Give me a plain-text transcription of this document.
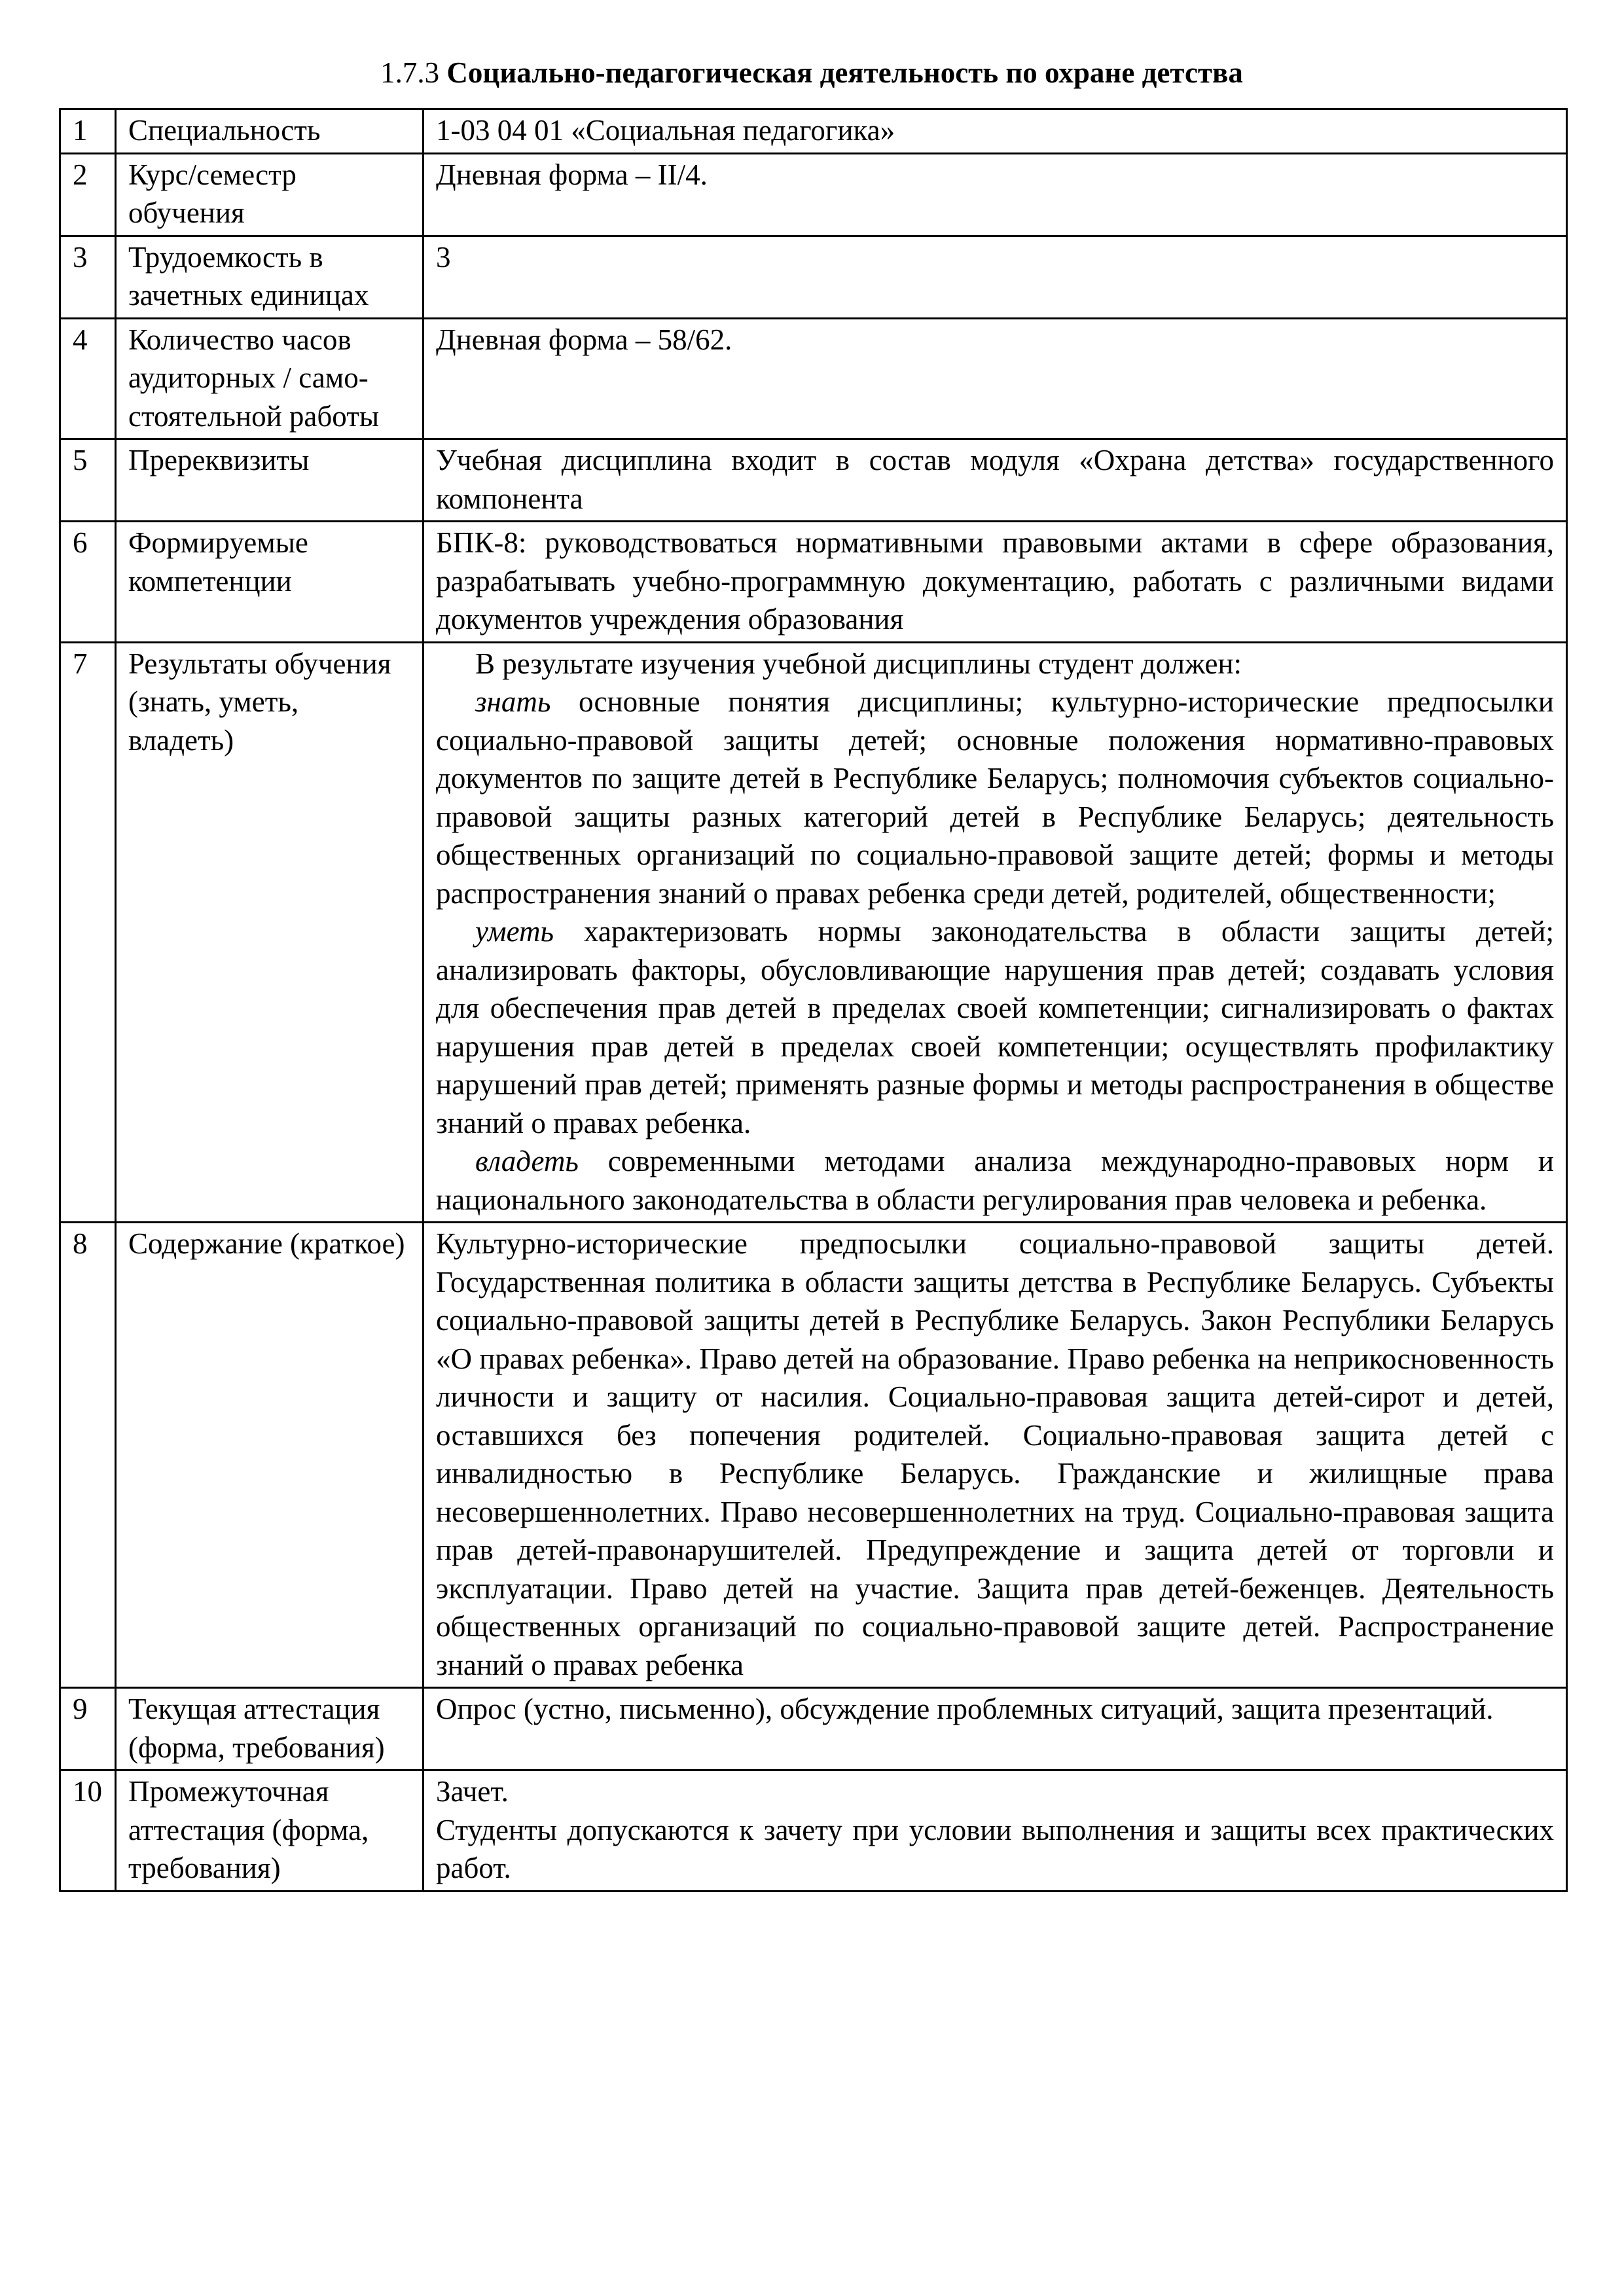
1.7.3 Социально-педагогическая деятельность по охране детства
1	Специальность	1-03 04 01 «Социальная педагогика»
2	Курс/семестр обучения	Дневная форма – II/4.
3	Трудоемкость в зачетных единицах	3
4	Количество часов аудиторных / само-стоятельной работы	Дневная форма – 58/62.
5	Пререквизиты	Учебная дисциплина входит в состав модуля «Охрана детства» государственного компонента
6	Формируемые компетенции	БПК-8: руководствоваться нормативными правовыми актами в сфере образования, разрабатывать учебно-программную документацию, работать с различными видами документов учреждения образования
7	Результаты обучения (знать, уметь, владеть)	В результате изучения учебной дисциплины студент должен:
знать основные понятия дисциплины; культурно-исторические предпосылки социально-правовой защиты детей; основные положения нормативно-правовых документов по защите детей в Республике Беларусь; полномочия субъектов социально-правовой защиты разных категорий детей в Республике Беларусь; деятельность общественных организаций по социально-правовой защите детей; формы и методы распространения знаний о правах ребенка среди детей, родителей, общественности;
уметь характеризовать нормы законодательства в области защиты детей; анализировать факторы, обусловливающие нарушения прав детей; создавать условия для обеспечения прав детей в пределах своей компетенции; сигнализировать о фактах нарушения прав детей в пределах своей компетенции; осуществлять профилактику нарушений прав детей; применять разные формы и методы распространения в обществе знаний о правах ребенка.
владеть современными методами анализа международно-правовых норм и национального законодательства в области регулирования прав человека и ребенка.

8	Содержание (краткое)	Культурно-исторические предпосылки социально-правовой защиты детей. Государственная политика в области защиты детства в Республике Беларусь. Субъекты социально-правовой защиты детей в Республике Беларусь. Закон Республики Беларусь «О правах ребенка». Право детей на образование. Право ребенка на неприкосновенность личности и защиту от насилия. Социально-правовая защита детей-сирот и детей, оставшихся без попечения родителей. Социально-правовая защита детей с инвалидностью в Республике Беларусь. Гражданские и жилищные права несовершеннолетних. Право несовершеннолетних на труд. Социально-правовая защита прав детей-правонарушителей. Предупреждение и защита детей от торговли и эксплуатации. Право детей на участие. Защита прав детей-беженцев. Деятельность общественных организаций по социально-правовой защите детей. Распространение знаний о правах ребенка
9	Текущая аттестация (форма, требования)	Опрос (устно, письменно), обсуждение проблемных ситуаций, защита презентаций.
10	Промежуточная аттестация (форма, требования)	Зачет.
Студенты допускаются к зачету при условии выполнения и защиты всех практических работ.
